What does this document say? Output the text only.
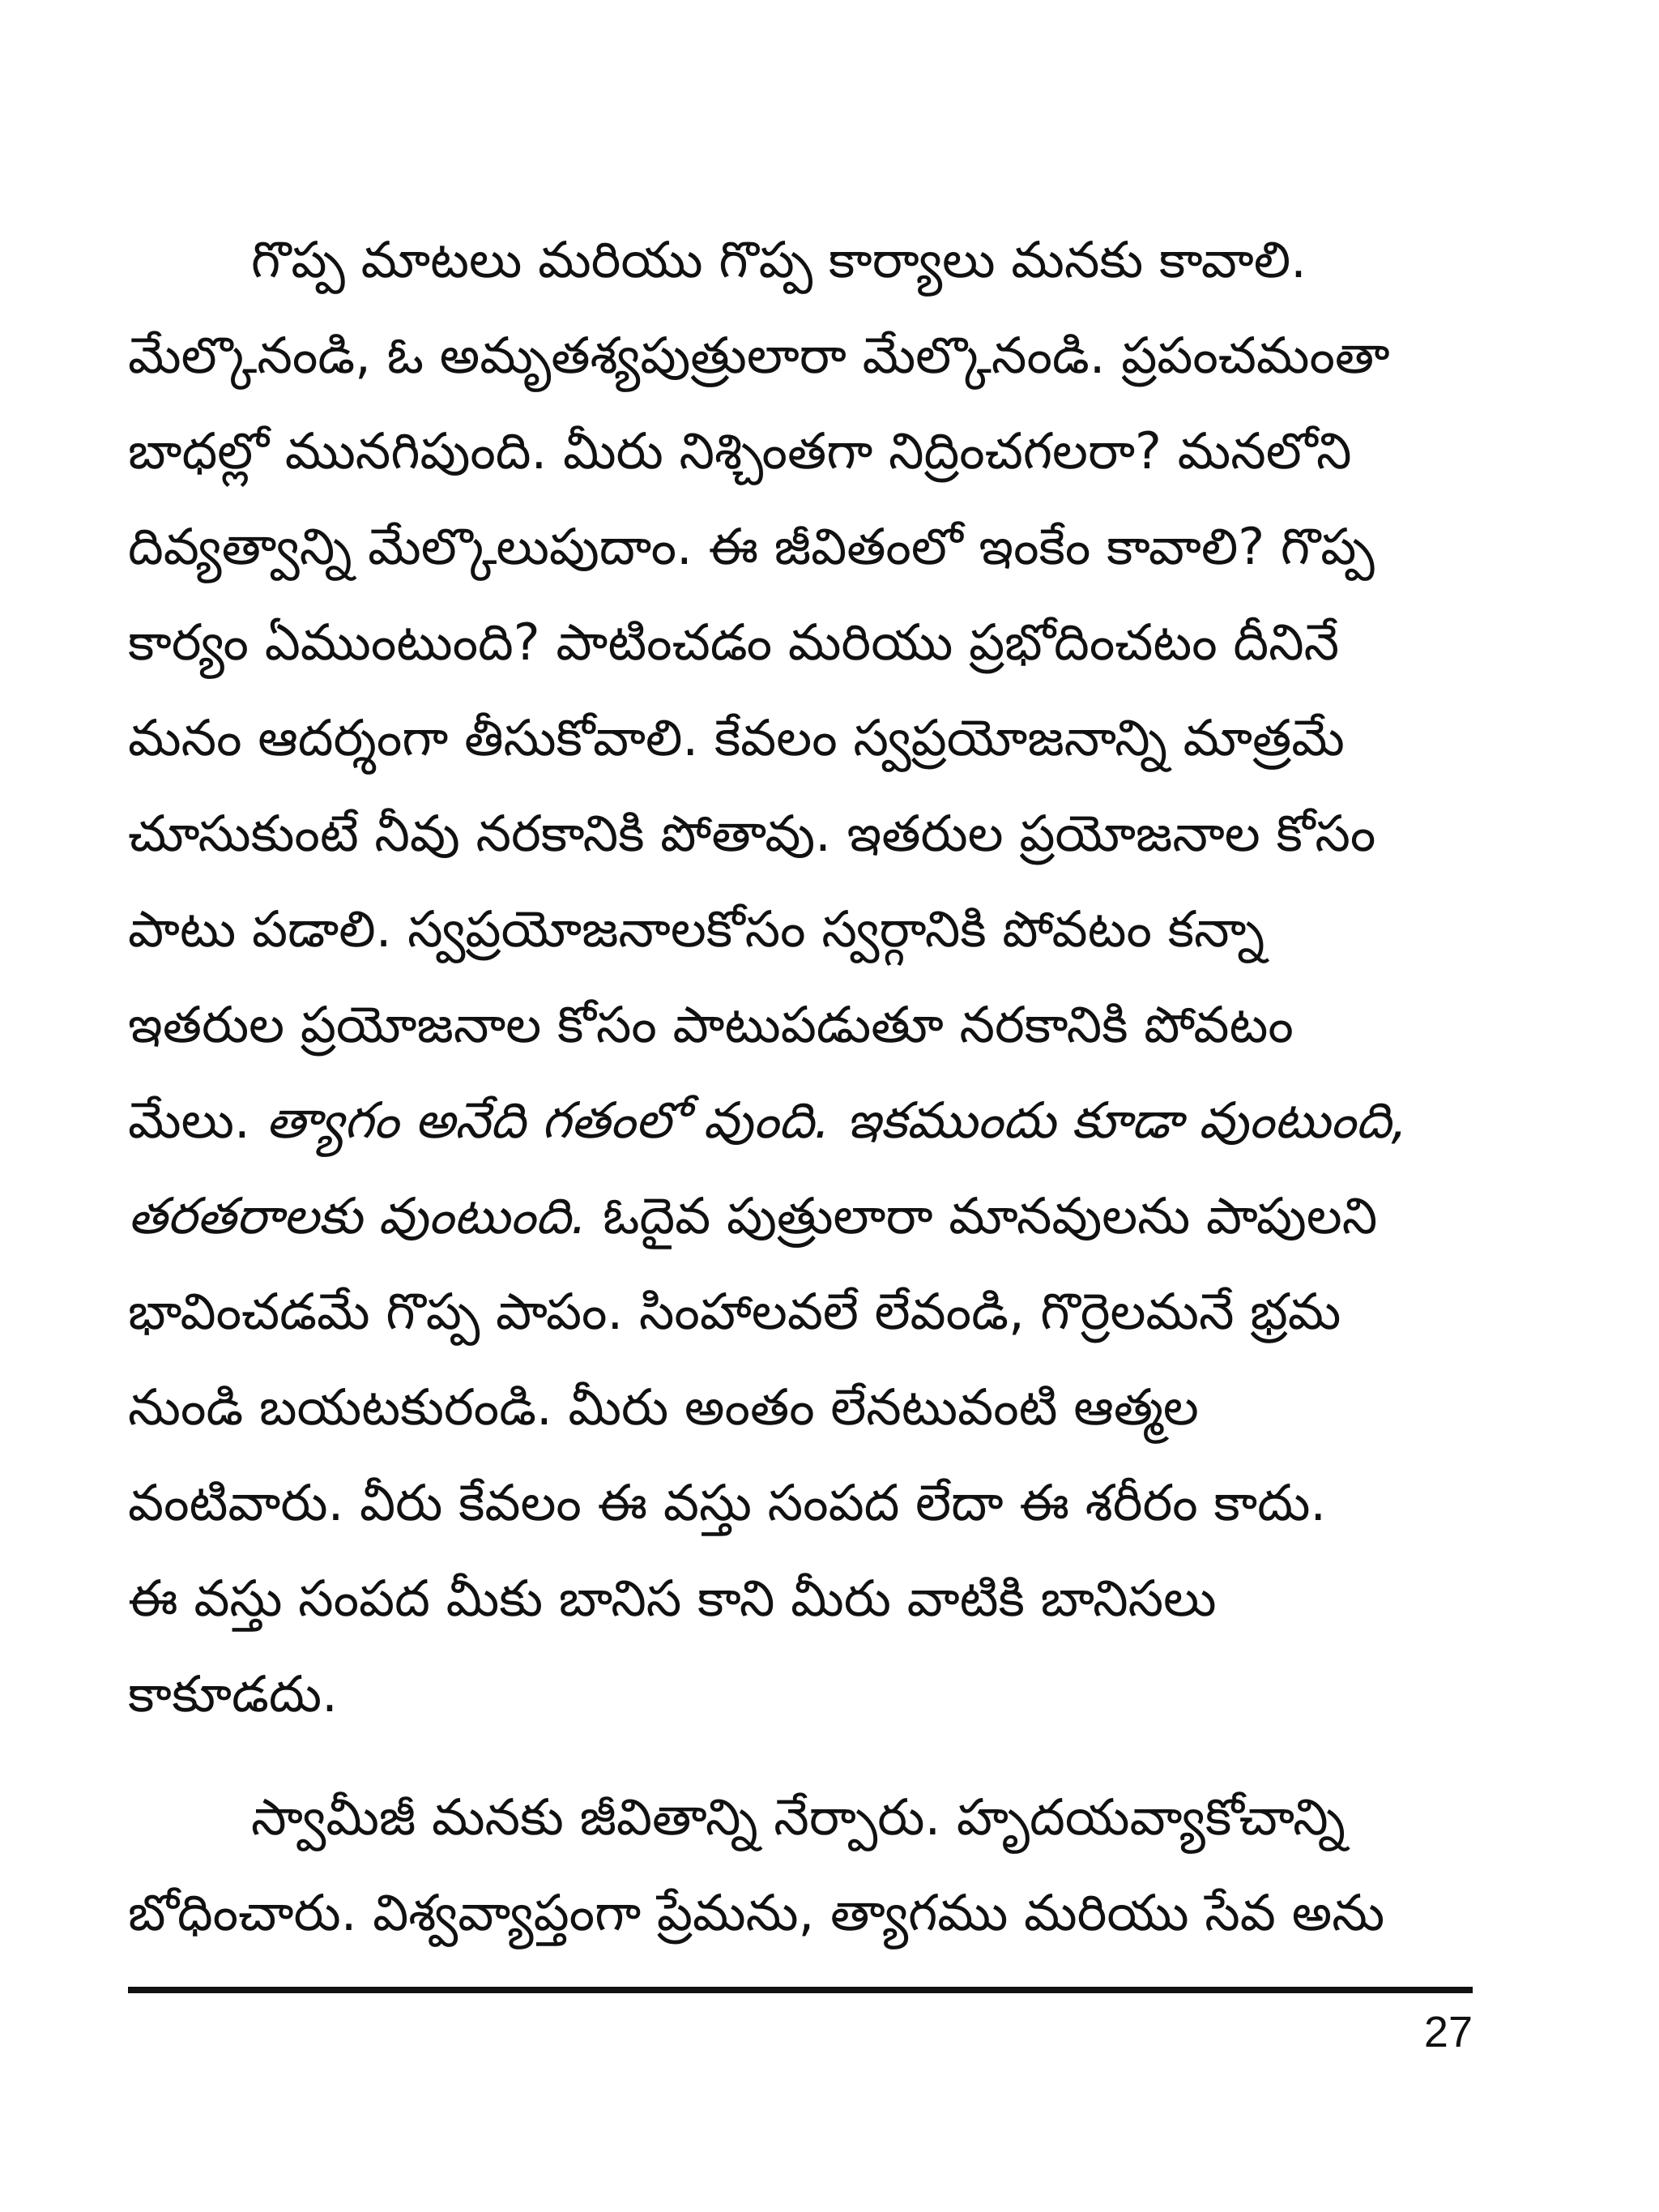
గొప్ప మాటలు మరియు గొప్ప కార్యాలు మనకు కావాలి.
మేల్కొనండి, ఓ అమృతశ్యపుత్రులారా మేల్కొనండి. ప్రపంచమంతా
బాధల్లో మునగిపుంది. మీరు నిశ్చింతగా నిద్రించగలరా? మనలోని
దివ్యత్వాన్ని మేల్కొలుపుదాం. ఈ జీవితంలో ఇంకేం కావాలి? గొప్ప
కార్యం ఏముంటుంది? పాటించడం మరియు ప్రభోదించటం దీనినే
మనం ఆదర్శంగా తీసుకోవాలి. కేవలం స్వప్రయోజనాన్ని మాత్రమే
చూసుకుంటే నీవు నరకానికి పోతావు. ఇతరుల ప్రయోజనాల కోసం
పాటు పడాలి. స్వప్రయోజనాలకోసం స్వర్గానికి పోవటం కన్నా
ఇతరుల ప్రయోజనాల కోసం పాటుపడుతూ నరకానికి పోవటం
మేలు. త్యాగం అనేది గతంలో వుంది. ఇకముందు కూడా వుంటుంది,
తరతరాలకు వుంటుంది. ఓదైవ పుత్రులారా మానవులను పాపులని
భావించడమే గొప్ప పాపం. సింహాలవలే లేవండి, గొర్రెలమనే భ్రమ
నుండి బయటకురండి. మీరు అంతం లేనటువంటి ఆత్మల
వంటివారు. వీరు కేవలం ఈ వస్తు సంపద లేదా ఈ శరీరం కాదు.
ఈ వస్తు సంపద మీకు బానిస కాని మీరు వాటికి బానిసలు
కాకూడదు.
స్వామీజీ మనకు జీవితాన్ని నేర్పారు. హృదయవ్యాకోచాన్ని
బోధించారు. విశ్వవ్యాప్తంగా ప్రేమను, త్యాగము మరియు సేవ అను
27
